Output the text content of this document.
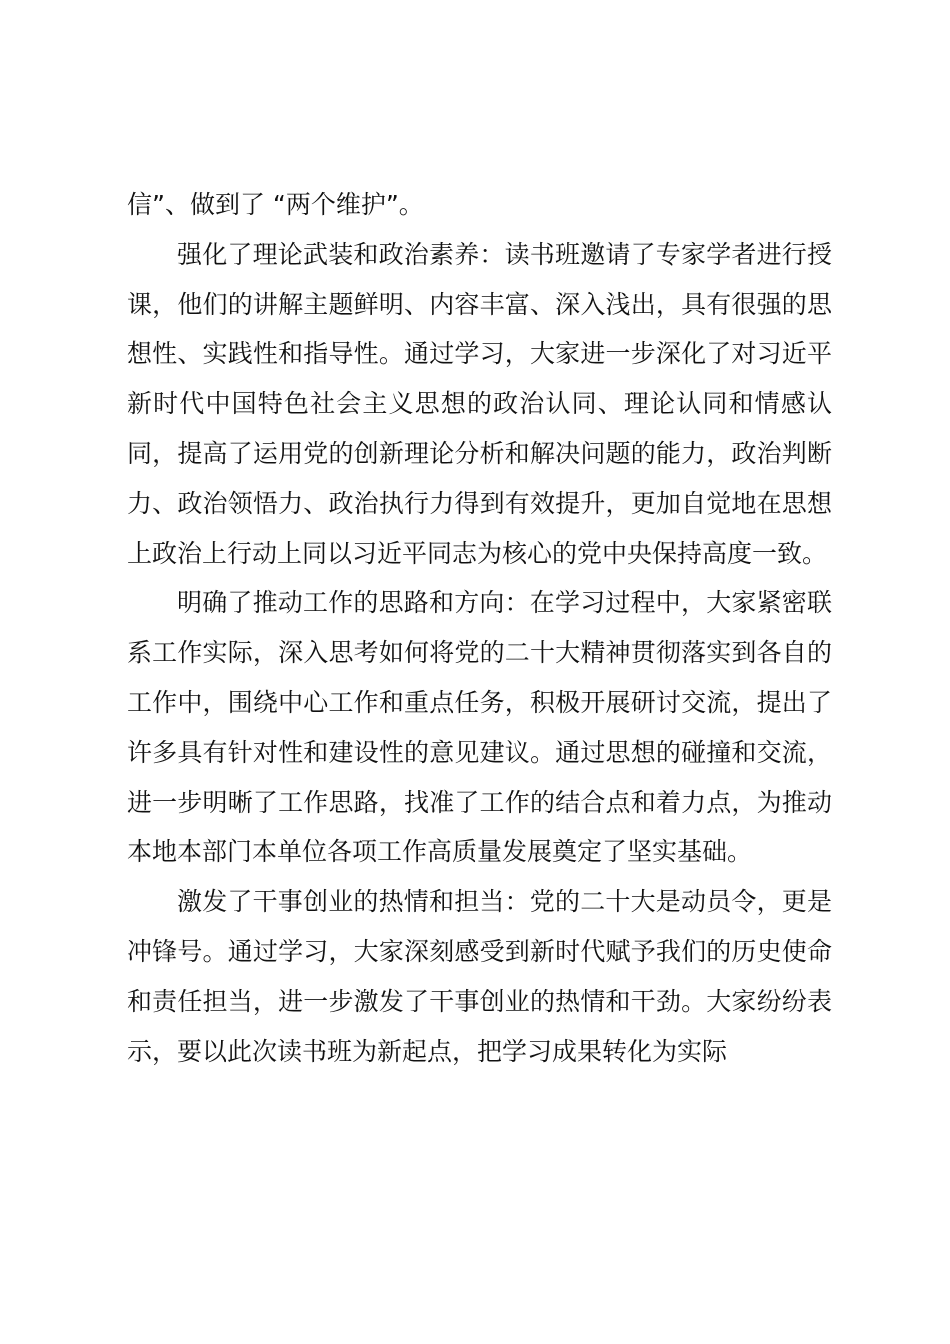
信”、做到了 “两个维护”。

强化了理论武装和政治素养：读书班邀请了专家学者进行授课，他们的讲解主题鲜明、内容丰富、深入浅出，具有很强的思想性、实践性和指导性。通过学习，大家进一步深化了对习近平新时代中国特色社会主义思想的政治认同、理论认同和情感认同，提高了运用党的创新理论分析和解决问题的能力，政治判断力、政治领悟力、政治执行力得到有效提升，更加自觉地在思想上政治上行动上同以习近平同志为核心的党中央保持高度一致。

明确了推动工作的思路和方向：在学习过程中，大家紧密联系工作实际，深入思考如何将党的二十大精神贯彻落实到各自的工作中，围绕中心工作和重点任务，积极开展研讨交流，提出了许多具有针对性和建设性的意见建议。通过思想的碰撞和交流，进一步明晰了工作思路，找准了工作的结合点和着力点，为推动本地本部门本单位各项工作高质量发展奠定了坚实基础。

激发了干事创业的热情和担当：党的二十大是动员令，更是冲锋号。通过学习，大家深刻感受到新时代赋予我们的历史使命和责任担当，进一步激发了干事创业的热情和干劲。大家纷纷表示，要以此次读书班为新起点，把学习成果转化为实际
